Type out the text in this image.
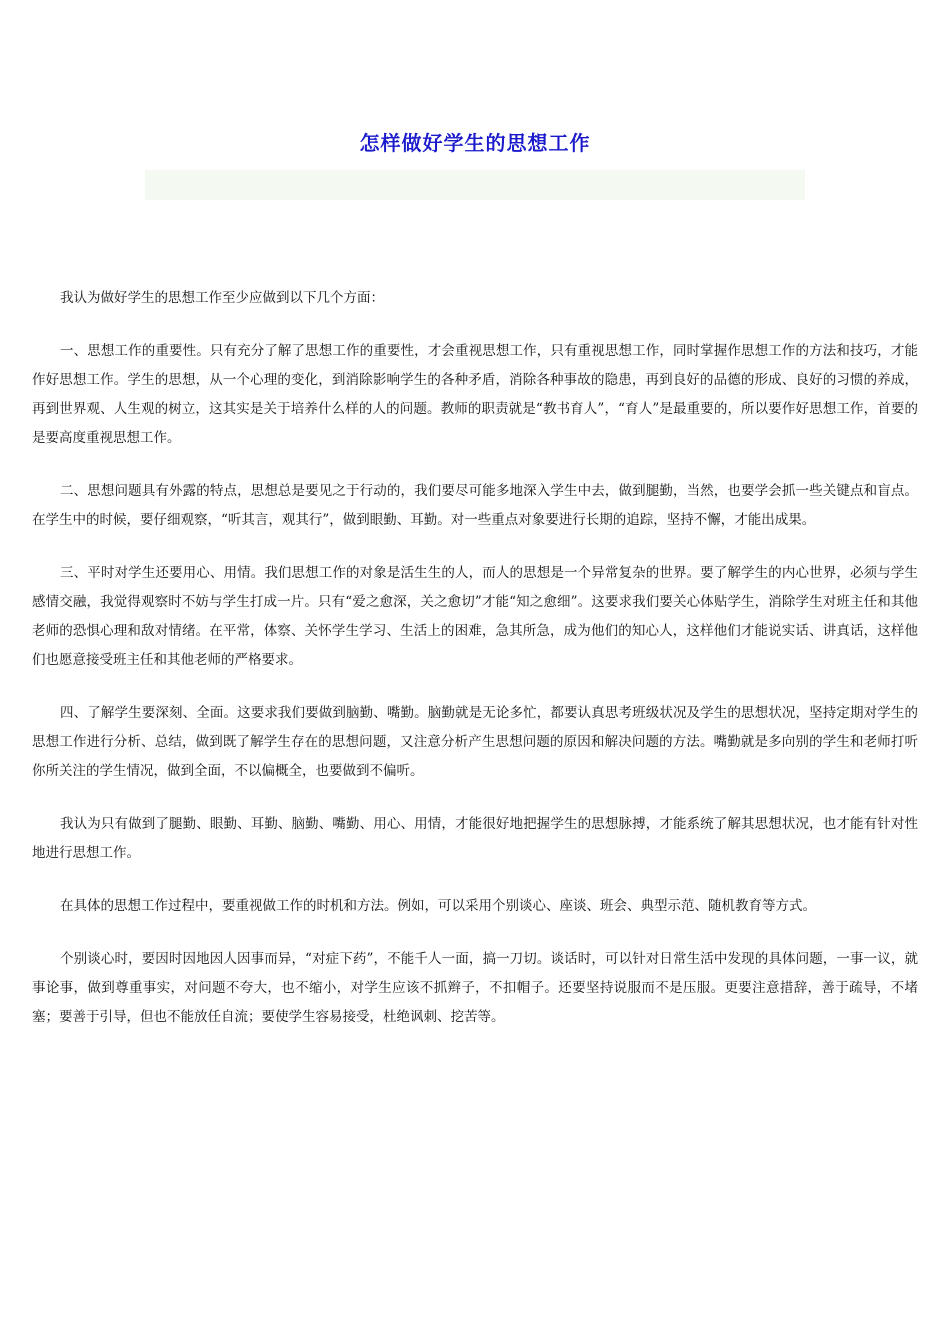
怎样做好学生的思想工作

我认为做好学生的思想工作至少应做到以下几个方面：

一、思想工作的重要性。只有充分了解了思想工作的重要性，才会重视思想工作，只有重视思想工作，同时掌握作思想工作的方法和技巧，才能作好思想工作。学生的思想，从一个心理的变化，到消除影响学生的各种矛盾，消除各种事故的隐患，再到良好的品德的形成、良好的习惯的养成，再到世界观、人生观的树立，这其实是关于培养什么样的人的问题。教师的职责就是“教书育人”，“育人”是最重要的，所以要作好思想工作，首要的是要高度重视思想工作。

二、思想问题具有外露的特点，思想总是要见之于行动的，我们要尽可能多地深入学生中去，做到腿勤，当然，也要学会抓一些关键点和盲点。在学生中的时候，要仔细观察，“听其言，观其行”，做到眼勤、耳勤。对一些重点对象要进行长期的追踪，坚持不懈，才能出成果。

三、平时对学生还要用心、用情。我们思想工作的对象是活生生的人，而人的思想是一个异常复杂的世界。要了解学生的内心世界，必须与学生感情交融，我觉得观察时不妨与学生打成一片。只有“爱之愈深，关之愈切”才能“知之愈细”。这要求我们要关心体贴学生，消除学生对班主任和其他老师的恐惧心理和敌对情绪。在平常，体察、关怀学生学习、生活上的困难，急其所急，成为他们的知心人，这样他们才能说实话、讲真话，这样他们也愿意接受班主任和其他老师的严格要求。

四、了解学生要深刻、全面。这要求我们要做到脑勤、嘴勤。脑勤就是无论多忙，都要认真思考班级状况及学生的思想状况，坚持定期对学生的思想工作进行分析、总结，做到既了解学生存在的思想问题，又注意分析产生思想问题的原因和解决问题的方法。嘴勤就是多向别的学生和老师打听你所关注的学生情况，做到全面，不以偏概全，也要做到不偏听。

我认为只有做到了腿勤、眼勤、耳勤、脑勤、嘴勤、用心、用情，才能很好地把握学生的思想脉搏，才能系统了解其思想状况，也才能有针对性地进行思想工作。

在具体的思想工作过程中，要重视做工作的时机和方法。例如，可以采用个别谈心、座谈、班会、典型示范、随机教育等方式。

个别谈心时，要因时因地因人因事而异，“对症下药”，不能千人一面，搞一刀切。谈话时，可以针对日常生活中发现的具体问题，一事一议，就事论事，做到尊重事实，对问题不夸大，也不缩小，对学生应该不抓辫子，不扣帽子。还要坚持说服而不是压服。更要注意措辞，善于疏导，不堵塞；要善于引导，但也不能放任自流；要使学生容易接受，杜绝讽刺、挖苦等。
